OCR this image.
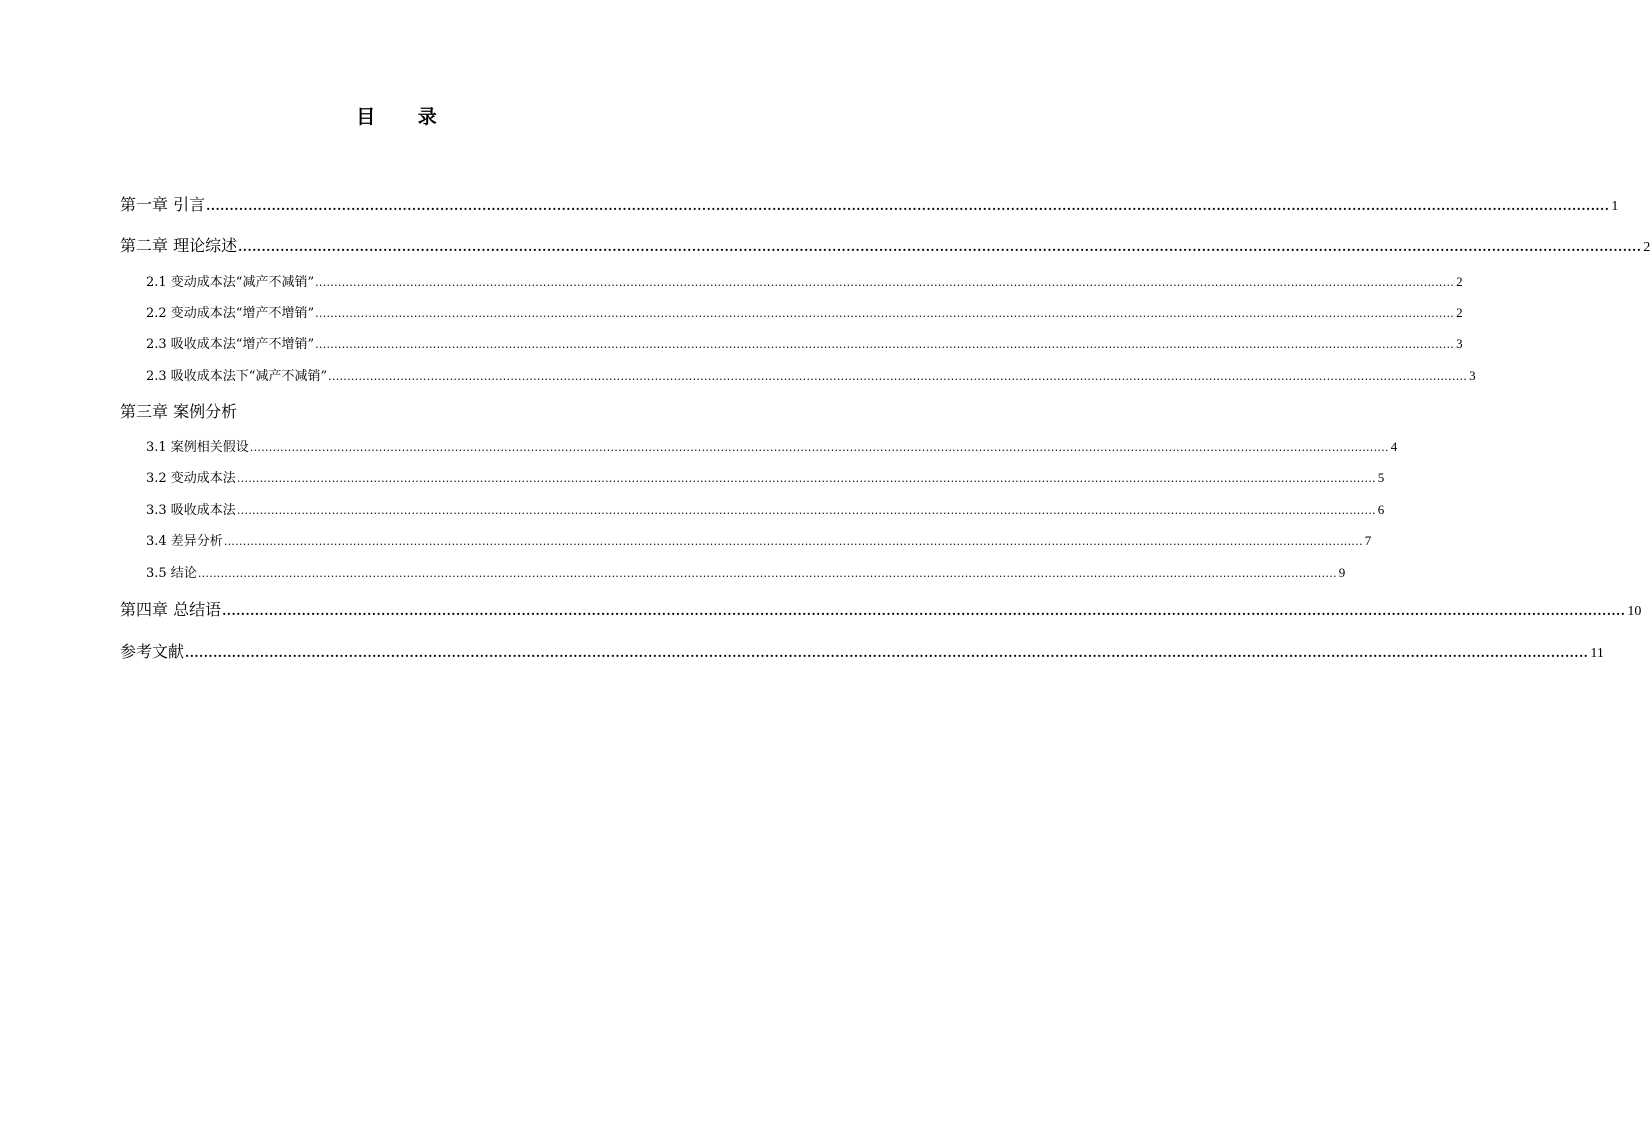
目 录
第一章 引言 ............................................................................................................................................................................................................................................................................................................ 1
第二章 理论综述 ............................................................................................................................................................................................................................................................................................................ 2
2.1 变动成本法“减产不减销” ............................................................................................................................................................................................................................................................................................................ 2
2.2 变动成本法“增产不增销” ............................................................................................................................................................................................................................................................................................................ 2
2.3 吸收成本法“增产不增销” ............................................................................................................................................................................................................................................................................................................ 3
2.3 吸收成本法下“减产不减销” ............................................................................................................................................................................................................................................................................................................ 3
第三章 案例分析
3.1 案例相关假设 ............................................................................................................................................................................................................................................................................................................ 4
3.2 变动成本法 ............................................................................................................................................................................................................................................................................................................ 5
3.3 吸收成本法 ............................................................................................................................................................................................................................................................................................................ 6
3.4 差异分析 ............................................................................................................................................................................................................................................................................................................ 7
3.5 结论 ............................................................................................................................................................................................................................................................................................................ 9
第四章 总结语 ............................................................................................................................................................................................................................................................................................................ 10
参考文献 ............................................................................................................................................................................................................................................................................................................ 11
